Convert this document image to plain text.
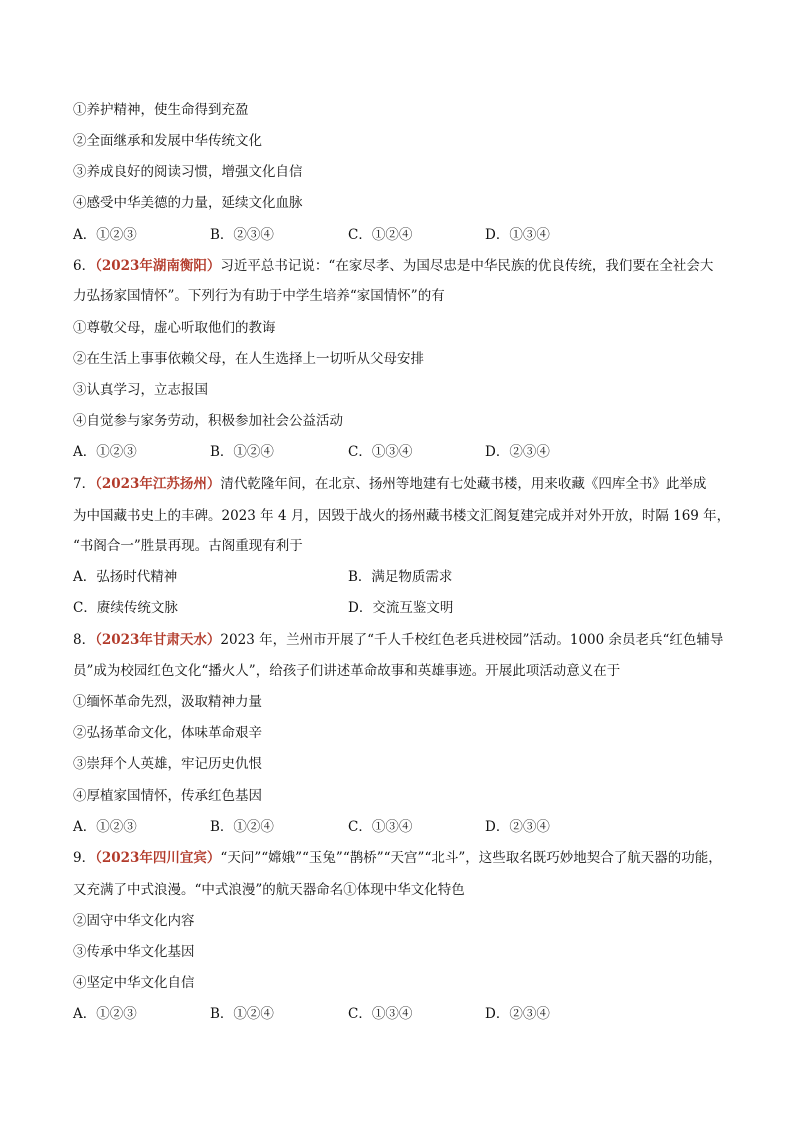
①养护精神，使生命得到充盈
②全面继承和发展中华传统文化
③养成良好的阅读习惯，增强文化自信
④感受中华美德的力量，延续文化血脉
A．①②③	B．②③④	C．①②④	D．①③④
6．（2023年湖南衡阳）习近平总书记说：“在家尽孝、为国尽忠是中华民族的优良传统，我们要在全社会大
力弘扬家国情怀”。下列行为有助于中学生培养“家国情怀”的有
①尊敬父母，虚心听取他们的教诲
②在生活上事事依赖父母，在人生选择上一切听从父母安排
③认真学习，立志报国
④自觉参与家务劳动，积极参加社会公益活动
A．①②③	B．①②④	C．①③④	D．②③④
7．（2023年江苏扬州）清代乾隆年间，在北京、扬州等地建有七处藏书楼，用来收藏《四库全书》此举成
为中国藏书史上的丰碑。2023 年 4 月，因毁于战火的扬州藏书楼文汇阁复建完成并对外开放，时隔 169 年，
“书阁合一”胜景再现。古阁重现有利于
A．弘扬时代精神	B．满足物质需求
C．赓续传统文脉	D．交流互鉴文明
8．（2023年甘肃天水）2023 年，兰州市开展了“千人千校红色老兵进校园”活动。1000 余员老兵“红色辅导
员”成为校园红色文化“播火人”，给孩子们讲述革命故事和英雄事迹。开展此项活动意义在于
①缅怀革命先烈，汲取精神力量
②弘扬革命文化，体味革命艰辛
③崇拜个人英雄，牢记历史仇恨
④厚植家国情怀，传承红色基因
A．①②③	B．①②④	C．①③④	D．②③④
9．（2023年四川宜宾）“天问”“嫦娥”“玉兔”“鹊桥”“天宫”“北斗”，这些取名既巧妙地契合了航天器的功能，
又充满了中式浪漫。“中式浪漫”的航天器命名①体现中华文化特色
②固守中华文化内容
③传承中华文化基因
④坚定中华文化自信
A．①②③	B．①②④	C．①③④	D．②③④
